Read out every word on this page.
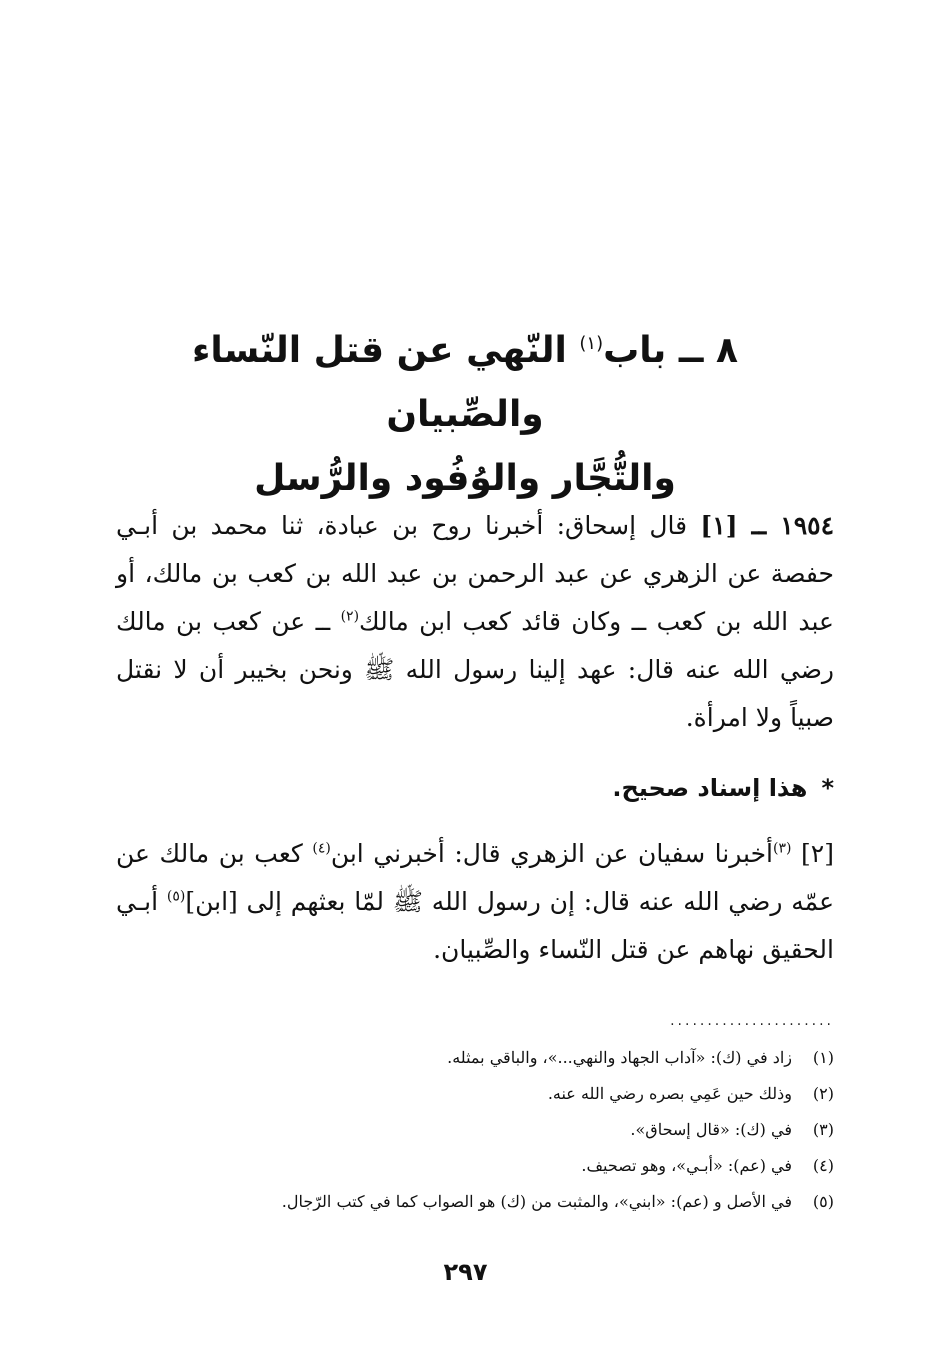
٨ ــ باب$^{(١)}$ النّهي عن قتل النّساء والصِّبيان
والتُّجَّار والوُفُود والرُّسل
١٩٥٤ ــ [١] قال إسحاق: أخبرنا روح بن عبادة، ثنا محمد بن أبـي حفصة عن الزهري عن عبد الرحمن بن عبد الله بن كعب بن مالك، أو عبد الله بن كعب ــ وكان قائد كعب ابن مالك$^{(٢)}$ ــ عن كعب بن مالك رضي الله عنه قال: عهد إلينا رسول الله ﷺ ونحن بخيبر أن لا نقتل صبياً ولا امرأة.
*هذا إسناد صحيح.
[٢] $^{(٣)}$أخبرنا سفيان عن الزهري قال: أخبرني ابن$^{(٤)}$ كعب بن مالك عن عمّه رضي الله عنه قال: إن رسول الله ﷺ لمّا بعثهم إلى [ابن]$^{(٥)}$ أبـي الحقيق نهاهم عن قتل النّساء والصِّبيان.
......................
(١)زاد في (ك): «آداب الجهاد والنهي...»، والباقي بمثله.
(٢)وذلك حين عَمِي بصره رضي الله عنه.
(٣)في (ك): «قال إسحاق».
(٤)في (عم): «أبـي»، وهو تصحيف.
(٥)في الأصل و (عم): «ابني»، والمثبت من (ك) هو الصواب كما في كتب الرّجال.
٢٩٧
